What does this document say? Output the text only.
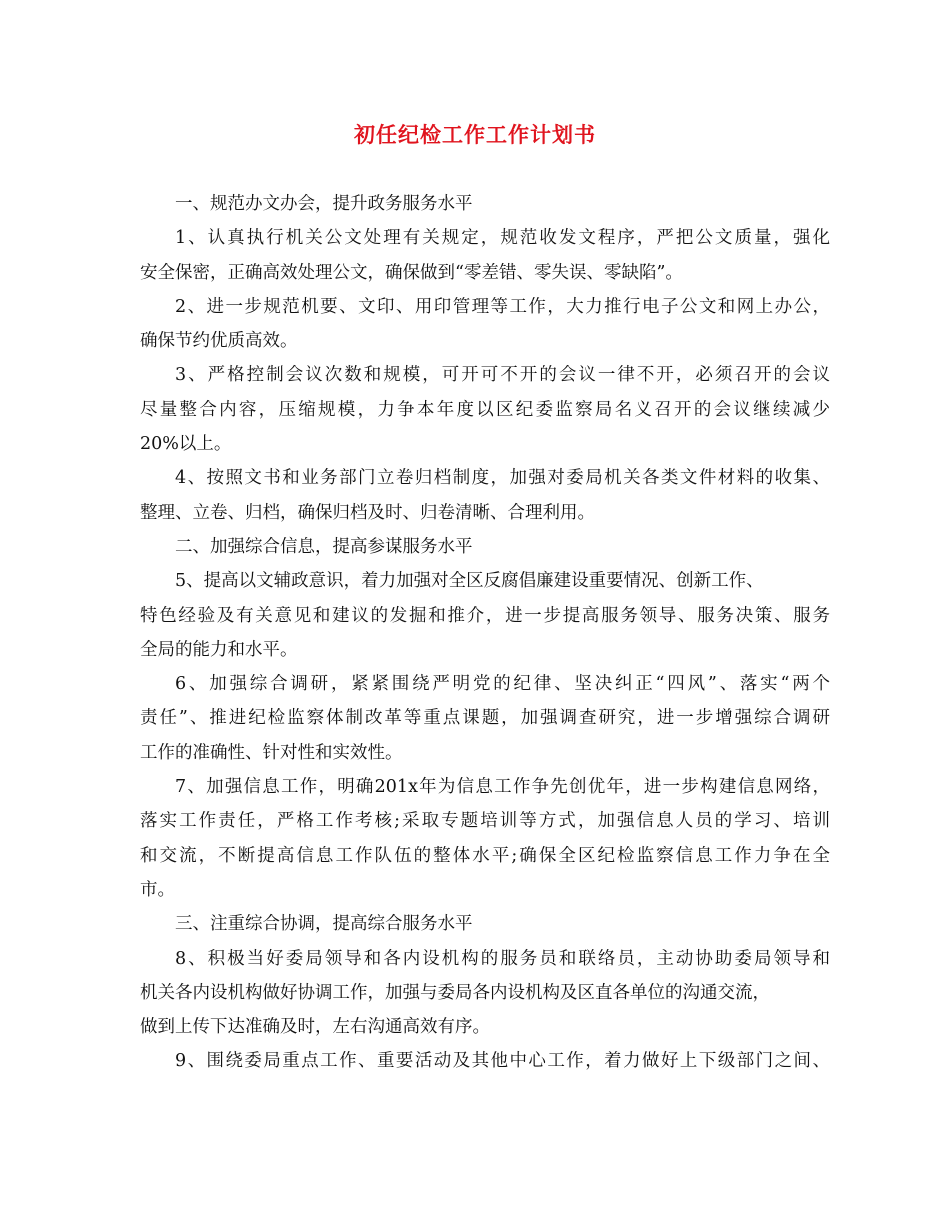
初任纪检工作工作计划书
一、规范办文办会，提升政务服务水平
1、认真执行机关公文处理有关规定，规范收发文程序，严把公文质量，强化
安全保密，正确高效处理公文，确保做到“零差错、零失误、零缺陷”。
2、进一步规范机要、文印、用印管理等工作，大力推行电子公文和网上办公，
确保节约优质高效。
3、严格控制会议次数和规模，可开可不开的会议一律不开，必须召开的会议
尽量整合内容，压缩规模，力争本年度以区纪委监察局名义召开的会议继续减少
20%以上。
4、按照文书和业务部门立卷归档制度，加强对委局机关各类文件材料的收集、
整理、立卷、归档，确保归档及时、归卷清晰、合理利用。
二、加强综合信息，提高参谋服务水平
5、提高以文辅政意识，着力加强对全区反腐倡廉建设重要情况、创新工作、
特色经验及有关意见和建议的发掘和推介，进一步提高服务领导、服务决策、服务
全局的能力和水平。
6、加强综合调研，紧紧围绕严明党的纪律、坚决纠正“四风”、落实“两个
责任”、推进纪检监察体制改革等重点课题，加强调查研究，进一步增强综合调研
工作的准确性、针对性和实效性。
7、加强信息工作，明确201x年为信息工作争先创优年，进一步构建信息网络，
落实工作责任，严格工作考核;采取专题培训等方式，加强信息人员的学习、培训
和交流，不断提高信息工作队伍的整体水平;确保全区纪检监察信息工作力争在全
市。
三、注重综合协调，提高综合服务水平
8、积极当好委局领导和各内设机构的服务员和联络员，主动协助委局领导和
机关各内设机构做好协调工作，加强与委局各内设机构及区直各单位的沟通交流，
做到上传下达准确及时，左右沟通高效有序。
9、围绕委局重点工作、重要活动及其他中心工作，着力做好上下级部门之间、
